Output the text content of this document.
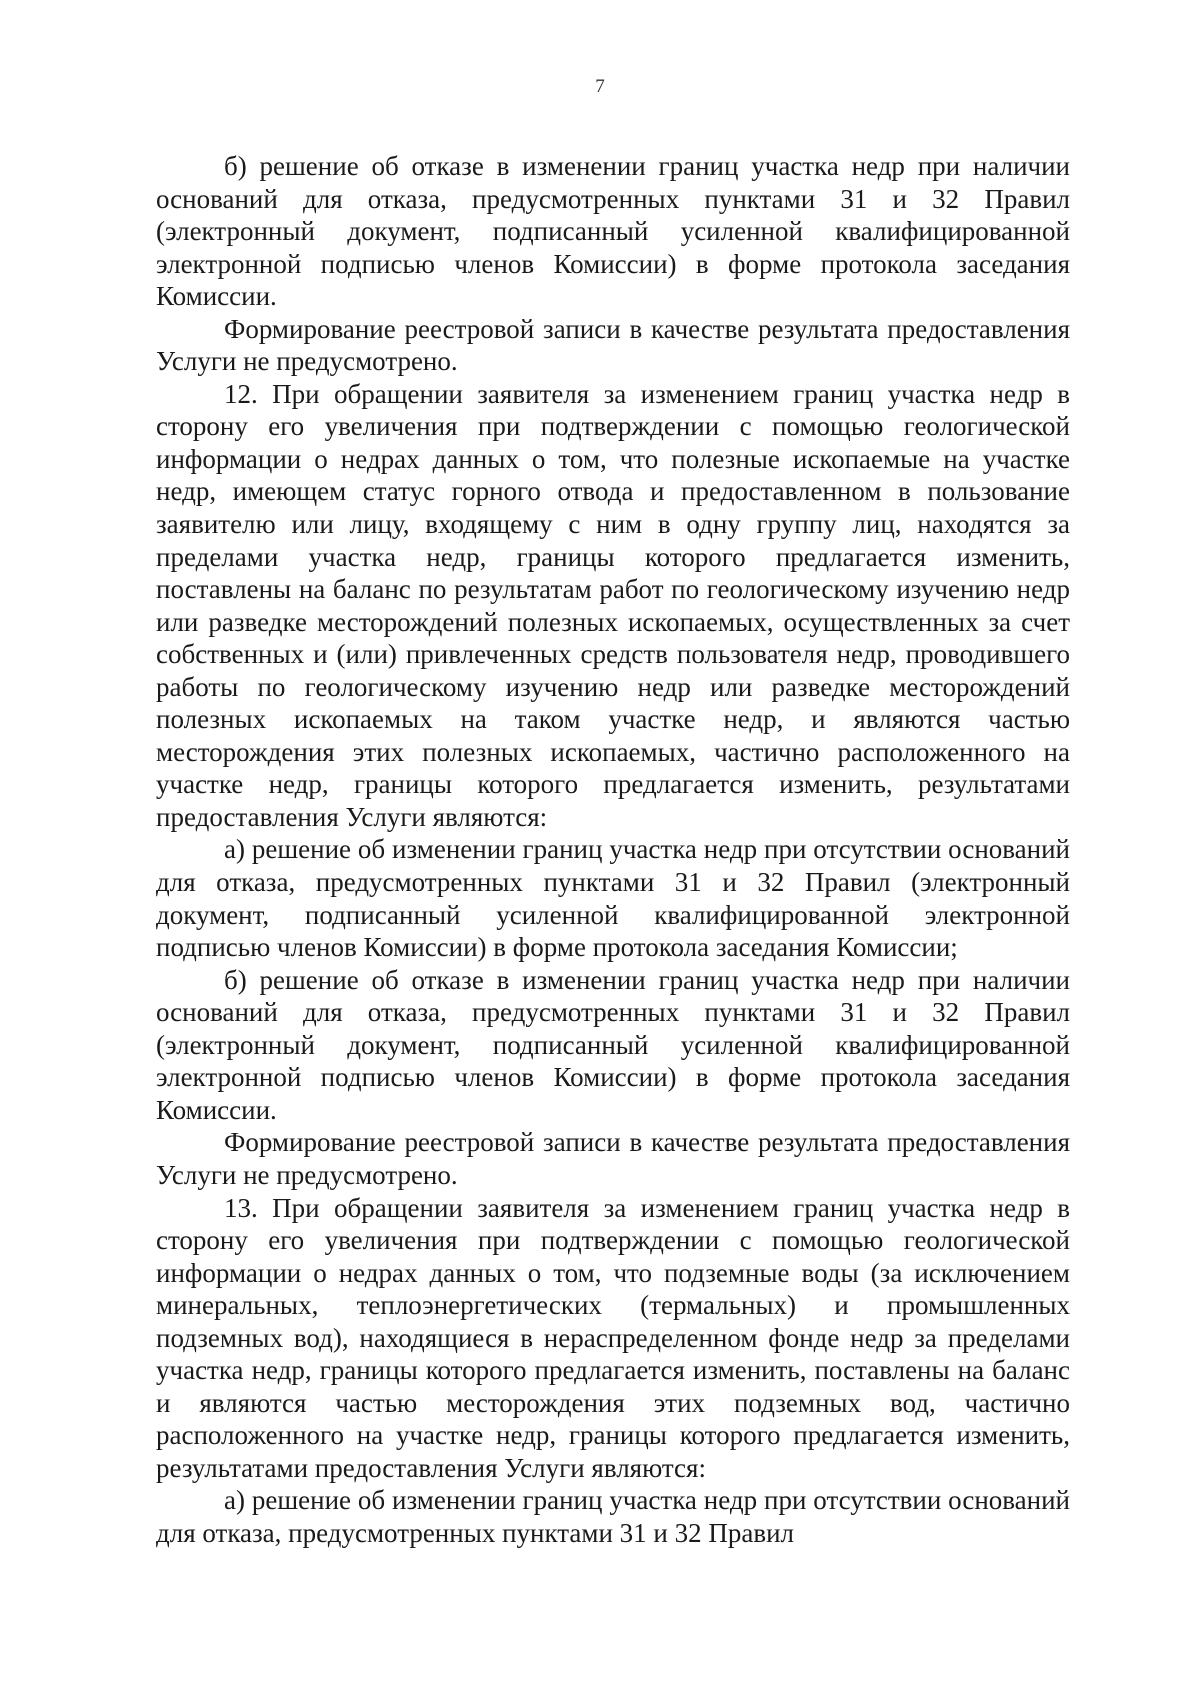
7

б) решение об отказе в изменении границ участка недр при наличии оснований для отказа, предусмотренных пунктами 31 и 32 Правил (электронный документ, подписанный усиленной квалифицированной электронной подписью членов Комиссии) в форме протокола заседания Комиссии.

Формирование реестровой записи в качестве результата предоставления Услуги не предусмотрено.

12. При обращении заявителя за изменением границ участка недр в сторону его увеличения при подтверждении с помощью геологической информации о недрах данных о том, что полезные ископаемые на участке недр, имеющем статус горного отвода и предоставленном в пользование заявителю или лицу, входящему с ним в одну группу лиц, находятся за пределами участка недр, границы которого предлагается изменить, поставлены на баланс по результатам работ по геологическому изучению недр или разведке месторождений полезных ископаемых, осуществленных за счет собственных и (или) привлеченных средств пользователя недр, проводившего работы по геологическому изучению недр или разведке месторождений полезных ископаемых на таком участке недр, и являются частью месторождения этих полезных ископаемых, частично расположенного на участке недр, границы которого предлагается изменить, результатами предоставления Услуги являются:

а) решение об изменении границ участка недр при отсутствии оснований для отказа, предусмотренных пунктами 31 и 32 Правил (электронный документ, подписанный усиленной квалифицированной электронной подписью членов Комиссии) в форме протокола заседания Комиссии;

б) решение об отказе в изменении границ участка недр при наличии оснований для отказа, предусмотренных пунктами 31 и 32 Правил (электронный документ, подписанный усиленной квалифицированной электронной подписью членов Комиссии) в форме протокола заседания Комиссии.

Формирование реестровой записи в качестве результата предоставления Услуги не предусмотрено.

13. При обращении заявителя за изменением границ участка недр в сторону его увеличения при подтверждении с помощью геологической информации о недрах данных о том, что подземные воды (за исключением минеральных, теплоэнергетических (термальных) и промышленных подземных вод), находящиеся в нераспределенном фонде недр за пределами участка недр, границы которого предлагается изменить, поставлены на баланс и являются частью месторождения этих подземных вод, частично расположенного на участке недр, границы которого предлагается изменить, результатами предоставления Услуги являются:

а) решение об изменении границ участка недр при отсутствии оснований для отказа, предусмотренных пунктами 31 и 32 Правил
